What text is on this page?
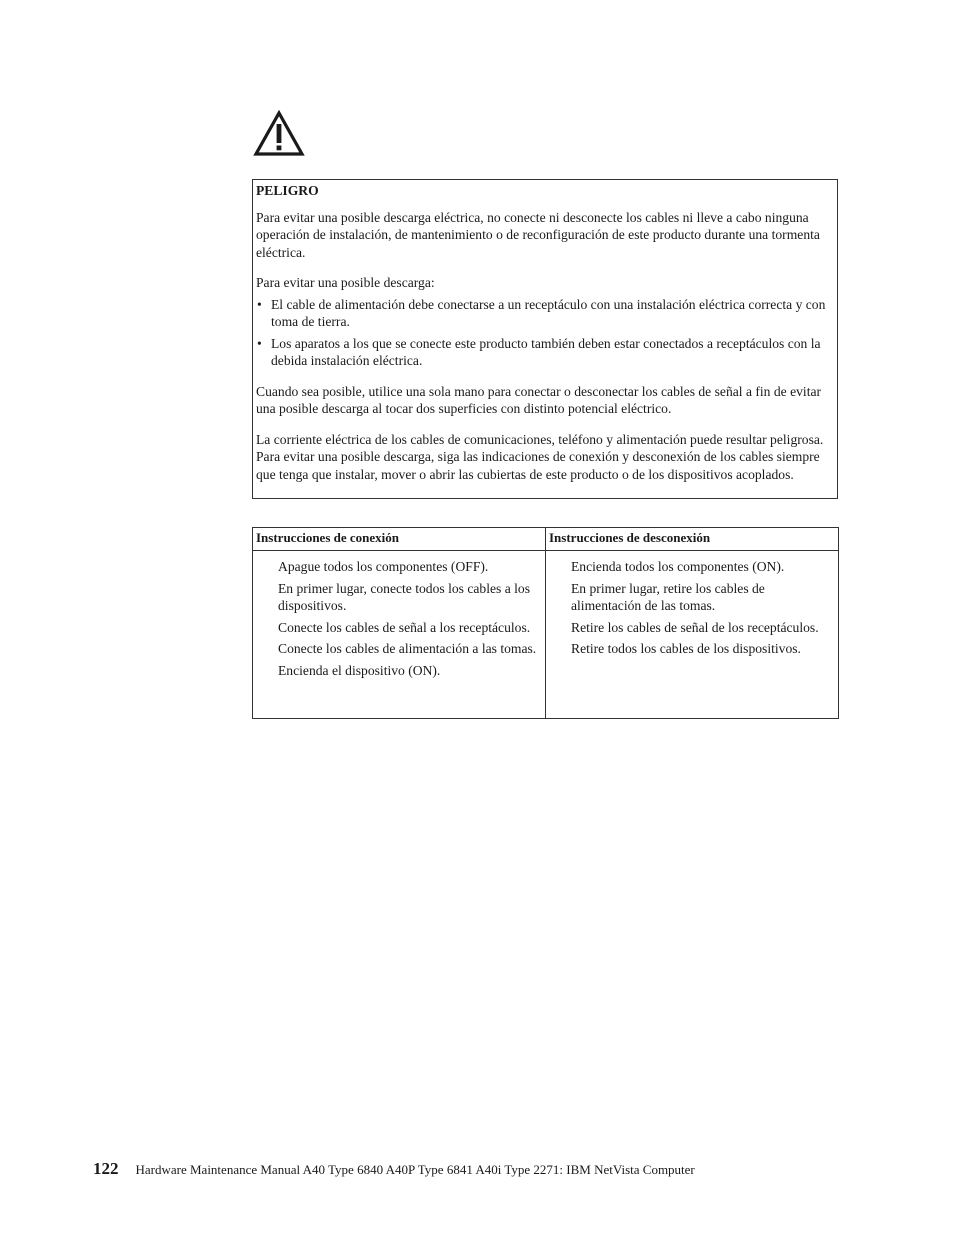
PELIGRO

Para evitar una posible descarga eléctrica, no conecte ni desconecte los cables ni lleve a cabo ninguna operación de instalación, de mantenimiento o de reconfiguración de este producto durante una tormenta eléctrica.

Para evitar una posible descarga:

• El cable de alimentación debe conectarse a un receptáculo con una instalación eléctrica correcta y con toma de tierra.
• Los aparatos a los que se conecte este producto también deben estar conectados a receptáculos con la debida instalación eléctrica.

Cuando sea posible, utilice una sola mano para conectar o desconectar los cables de señal a fin de evitar una posible descarga al tocar dos superficies con distinto potencial eléctrico.

La corriente eléctrica de los cables de comunicaciones, teléfono y alimentación puede resultar peligrosa. Para evitar una posible descarga, siga las indicaciones de conexión y desconexión de los cables siempre que tenga que instalar, mover o abrir las cubiertas de este producto o de los dispositivos acoplados.

Instrucciones de conexión	Instrucciones de desconexión
Apague todos los componentes (OFF).
En primer lugar, conecte todos los cables a los dispositivos.
Conecte los cables de señal a los receptáculos.
Conecte los cables de alimentación a las tomas.
Encienda el dispositivo (ON).
Encienda todos los componentes (ON).
En primer lugar, retire los cables de alimentación de las tomas.
Retire los cables de señal de los receptáculos.
Retire todos los cables de los dispositivos.
122 Hardware Maintenance Manual A40 Type 6840 A40P Type 6841 A40i Type 2271: IBM NetVista Computer
